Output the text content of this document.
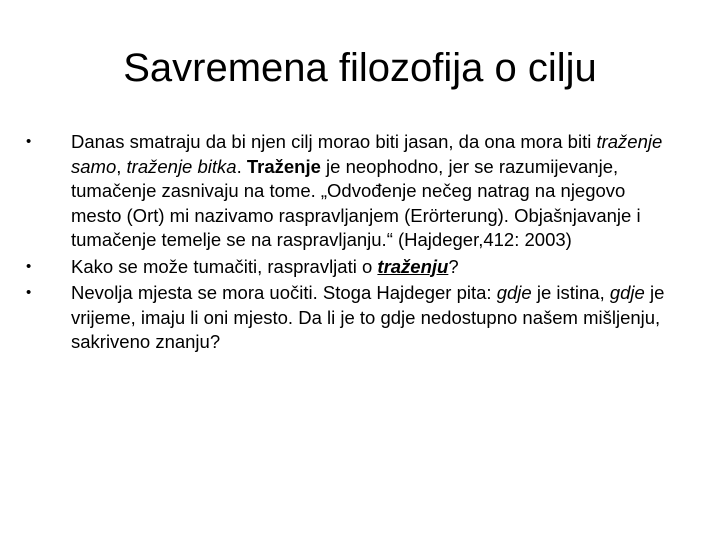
Savremena filozofija o cilju
•	Danas smatraju da bi njen cilj morao biti jasan, da ona mora biti traženje samo, traženje bitka. Traženje je neophodno, jer se razumijevanje, tumačenje zasnivaju na tome. „Odvođenje nečeg natrag na njegovo mesto (Ort) mi nazivamo raspravljanjem (Erörterung). Objašnjavanje i tumačenje temelje se na raspravljanju.“ (Hajdeger,412: 2003)
•	Kako se može tumačiti, raspravljati o traženju?
•	Nevolja mjesta se mora uočiti. Stoga Hajdeger pita: gdje je istina, gdje je vrijeme, imaju li oni mjesto. Da li je to gdje nedostupno našem mišljenju, sakriveno znanju?
